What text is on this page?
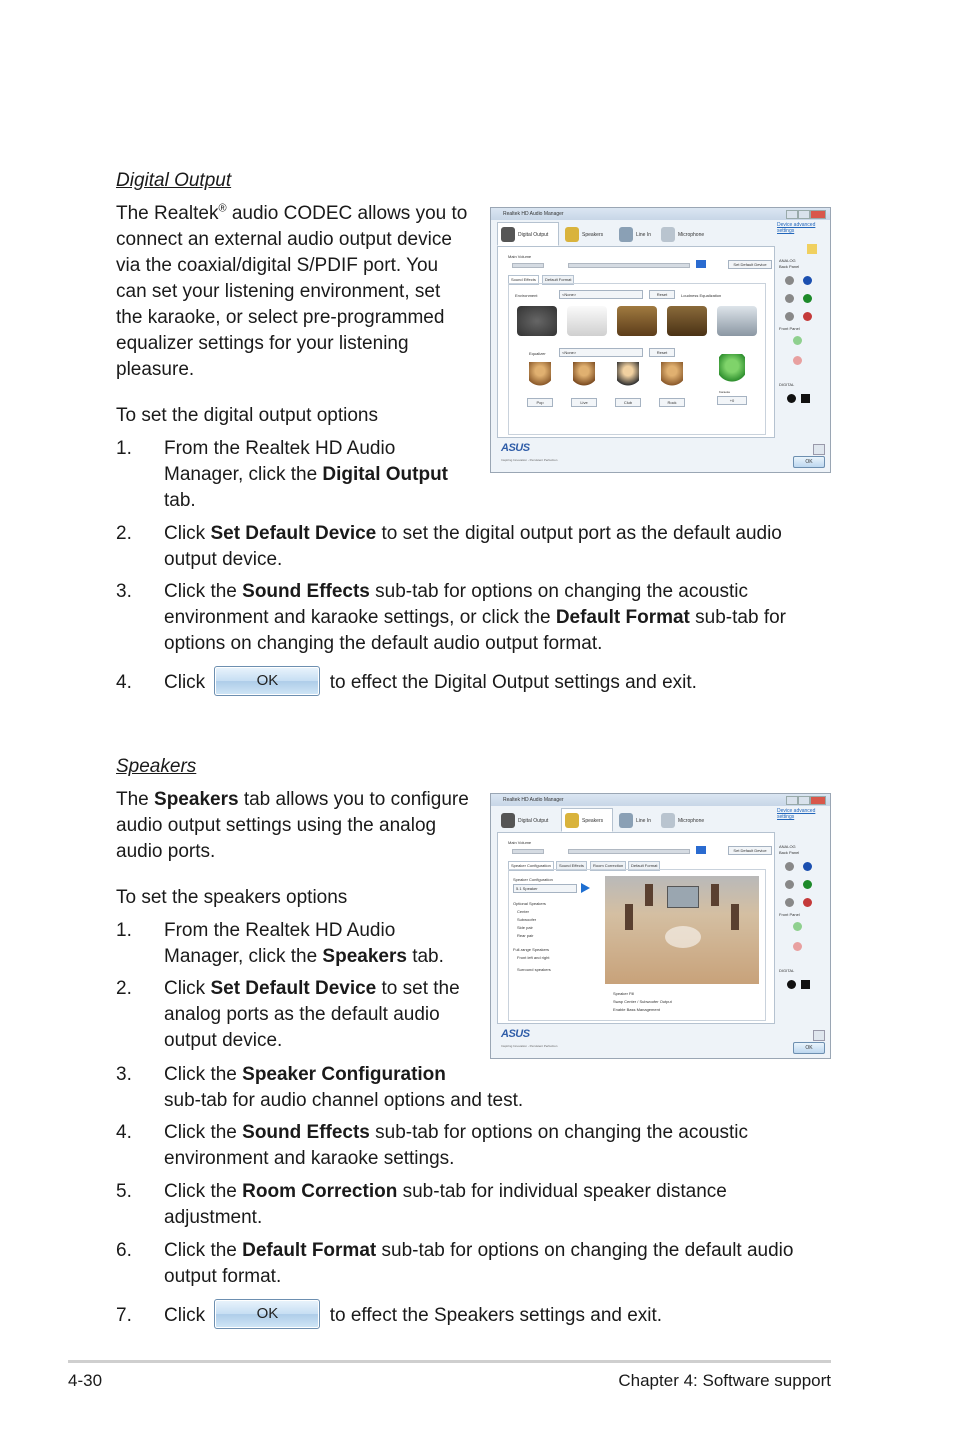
Digital Output
The Realtek® audio CODEC allows you to
connect an external audio output device
via the coaxial/digital S/PDIF port. You
can set your listening environment, set
the karaoke, or select pre-programmed
equalizer settings for your listening
pleasure.
To set the digital output options
1.	From the Realtek HD Audio
Manager, click the Digital Output
tab.
2.	Click Set Default Device to set the digital output port as the default audio
output device.
3.	Click the Sound Effects sub-tab for options on changing the acoustic
environment and karaoke settings, or click the Default Format sub-tab for
options on changing the default audio output format.
4.	Click	OK	to effect the Digital Output settings and exit.
Realtek HD Audio Manager
Digital Output	Speakers	Line In	Microphone
Main Volume
Set Default Device
Sound Effects	Default Format
Environment	<None>	Reset	Loudness Equalization
Equalizer	<None>	Reset
Pop	Live	Club	Rock
Karaoke
+0
Device advanced settings
ANALOG
Back Panel
Front Panel
DIGITAL
ASUS
Inspiring Innovation - Persistent Perfection	OK
Speakers
The Speakers tab allows you to configure
audio output settings using the analog
audio ports.
To set the speakers options
1.	From the Realtek HD Audio
Manager, click the Speakers tab.
2.	Click Set Default Device to set the
analog ports as the default audio
output device.
3.	Click the Speaker Configuration
sub-tab for audio channel options and test.
4.	Click the Sound Effects sub-tab for options on changing the acoustic
environment and karaoke settings.
5.	Click the Room Correction sub-tab for individual speaker distance
adjustment.
6.	Click the Default Format sub-tab for options on changing the default audio
output format.
7.	Click	OK	to effect the Speakers settings and exit.
Realtek HD Audio Manager
Digital Output	Speakers	Line In	Microphone
Main Volume
Set Default Device
Speaker Configuration	Sound Effects	Room Correction	Default Format
Speaker Configuration
5.1 Speaker
Optional Speakers
Center
Subwoofer
Side pair
Rear pair
Full-range Speakers
Front left and right
Surround speakers
Speaker Fill
Swap Center / Subwoofer Output
Enable Bass Management
Device advanced settings
ANALOG
Back Panel
Front Panel
DIGITAL
ASUS
Inspiring Innovation - Persistent Perfection	OK
4-30	Chapter 4: Software support
